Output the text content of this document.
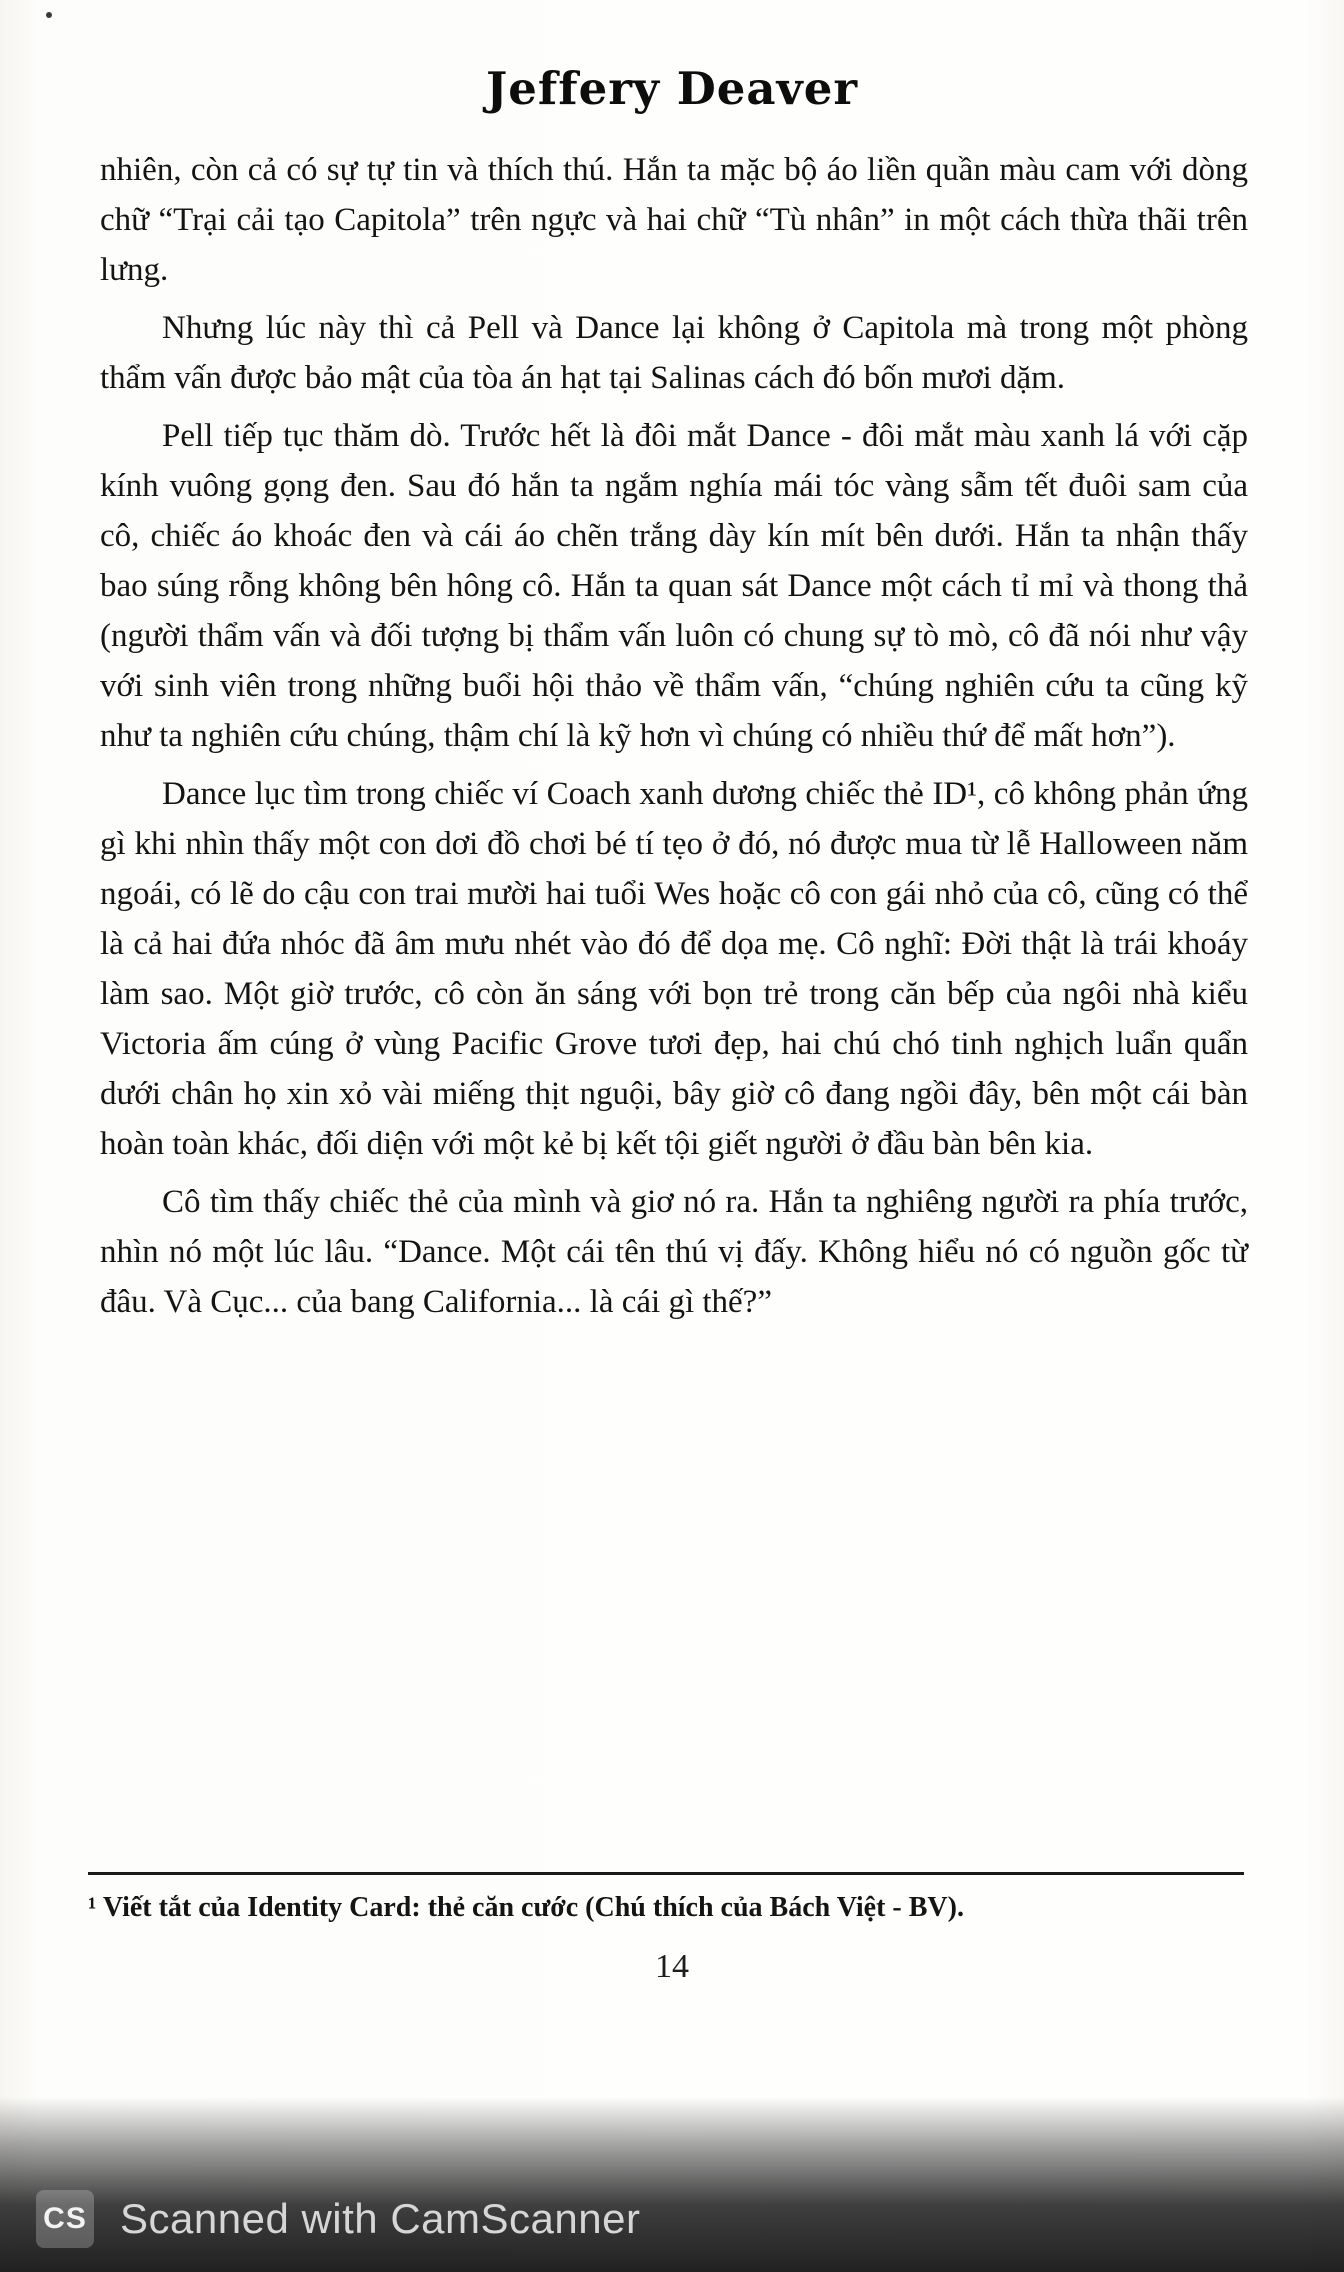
Jeffery Deaver

nhiên, còn cả có sự tự tin và thích thú. Hắn ta mặc bộ áo liền quần màu cam với dòng chữ “Trại cải tạo Capitola” trên ngực và hai chữ “Tù nhân” in một cách thừa thãi trên lưng.

Nhưng lúc này thì cả Pell và Dance lại không ở Capitola mà trong một phòng thẩm vấn được bảo mật của tòa án hạt tại Salinas cách đó bốn mươi dặm.

Pell tiếp tục thăm dò. Trước hết là đôi mắt Dance - đôi mắt màu xanh lá với cặp kính vuông gọng đen. Sau đó hắn ta ngắm nghía mái tóc vàng sẫm tết đuôi sam của cô, chiếc áo khoác đen và cái áo chẽn trắng dày kín mít bên dưới. Hắn ta nhận thấy bao súng rỗng không bên hông cô. Hắn ta quan sát Dance một cách tỉ mỉ và thong thả (người thẩm vấn và đối tượng bị thẩm vấn luôn có chung sự tò mò, cô đã nói như vậy với sinh viên trong những buổi hội thảo về thẩm vấn, “chúng nghiên cứu ta cũng kỹ như ta nghiên cứu chúng, thậm chí là kỹ hơn vì chúng có nhiều thứ để mất hơn”).

Dance lục tìm trong chiếc ví Coach xanh dương chiếc thẻ ID¹, cô không phản ứng gì khi nhìn thấy một con dơi đồ chơi bé tí tẹo ở đó, nó được mua từ lễ Halloween năm ngoái, có lẽ do cậu con trai mười hai tuổi Wes hoặc cô con gái nhỏ của cô, cũng có thể là cả hai đứa nhóc đã âm mưu nhét vào đó để dọa mẹ. Cô nghĩ: Đời thật là trái khoáy làm sao. Một giờ trước, cô còn ăn sáng với bọn trẻ trong căn bếp của ngôi nhà kiểu Victoria ấm cúng ở vùng Pacific Grove tươi đẹp, hai chú chó tinh nghịch luẩn quẩn dưới chân họ xin xỏ vài miếng thịt nguội, bây giờ cô đang ngồi đây, bên một cái bàn hoàn toàn khác, đối diện với một kẻ bị kết tội giết người ở đầu bàn bên kia.

Cô tìm thấy chiếc thẻ của mình và giơ nó ra. Hắn ta nghiêng người ra phía trước, nhìn nó một lúc lâu. “Dance. Một cái tên thú vị đấy. Không hiểu nó có nguồn gốc từ đâu. Và Cục... của bang California... là cái gì thế?”

¹ Viết tắt của Identity Card: thẻ căn cước (Chú thích của Bách Việt - BV).
14
CS Scanned with CamScanner
